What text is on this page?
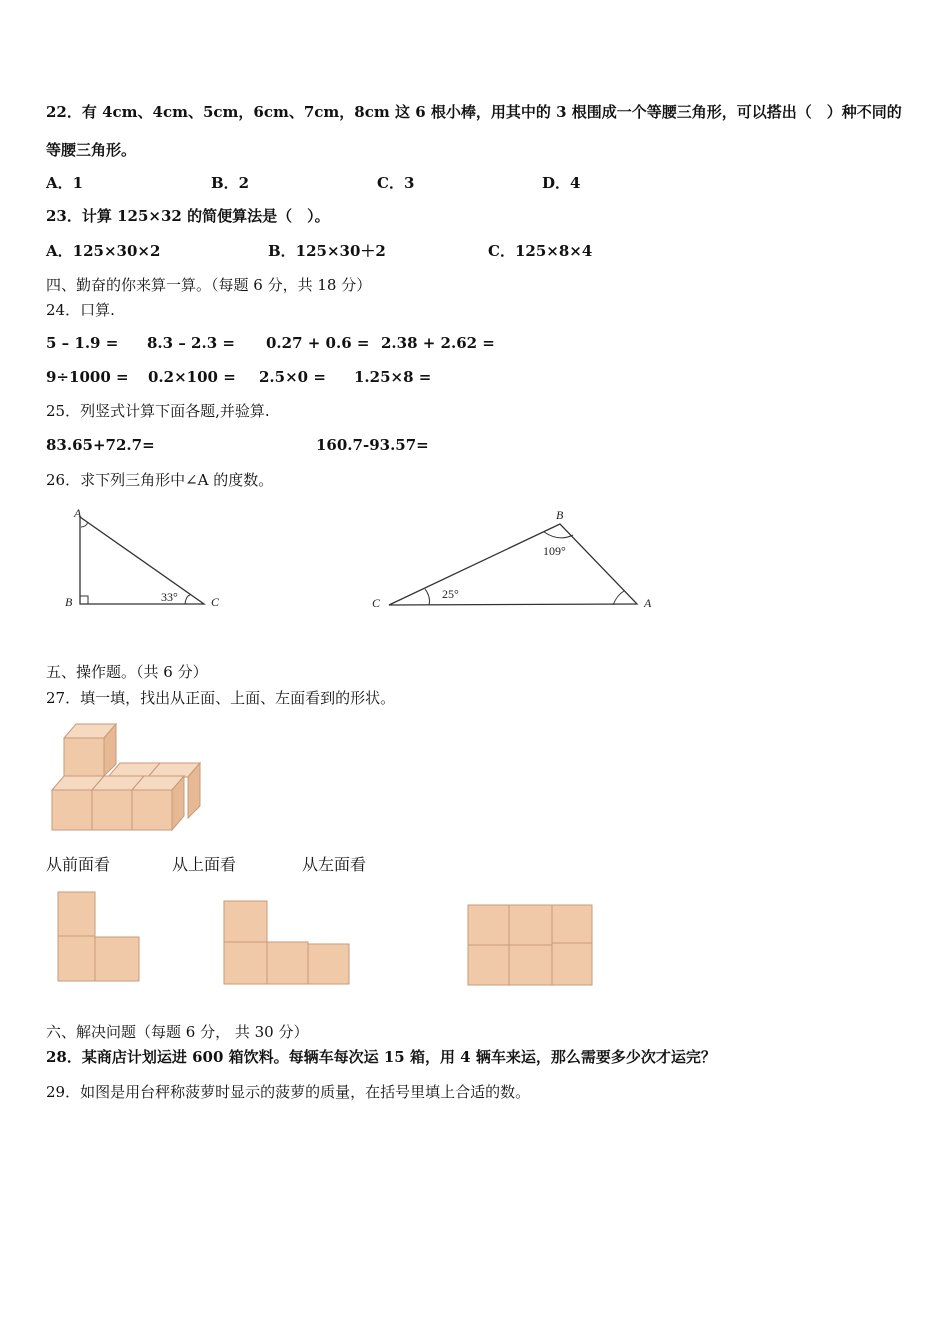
22．有 4cm、4cm、5cm，6cm、7cm，8cm 这 6 根小棒，用其中的 3 根围成一个等腰三角形，可以搭出（　）种不同的
等腰三角形。
A．1	B．2	C．3	D．4
23．计算 125×32 的简便算法是（　）。
A．125×30×2	B．125×30＋2	C．125×8×4
四、勤奋的你来算一算。（每题 6 分，共 18 分）
24．口算.
5 – 1.9 = 8.3 – 2.3 = 0.27 + 0.6 = 2.38 + 2.62 =
9÷1000 = 0.2×100 = 2.5×0 = 1.25×8 =
25．列竖式计算下面各题,并验算.
83.65+72.7=	160.7-93.57=
26．求下列三角形中∠A 的度数。
A
B	C
33°
B
C	A
109°
25°
五、操作题。（共 6 分）
27．填一填，找出从正面、上面、左面看到的形状。
从前面看	从上面看	从左面看
六、解决问题（每题 6 分， 共 30 分）
28．某商店计划运进 600 箱饮料。每辆车每次运 15 箱，用 4 辆车来运，那么需要多少次才运完？
29．如图是用台秤称菠萝时显示的菠萝的质量，在括号里填上合适的数。
